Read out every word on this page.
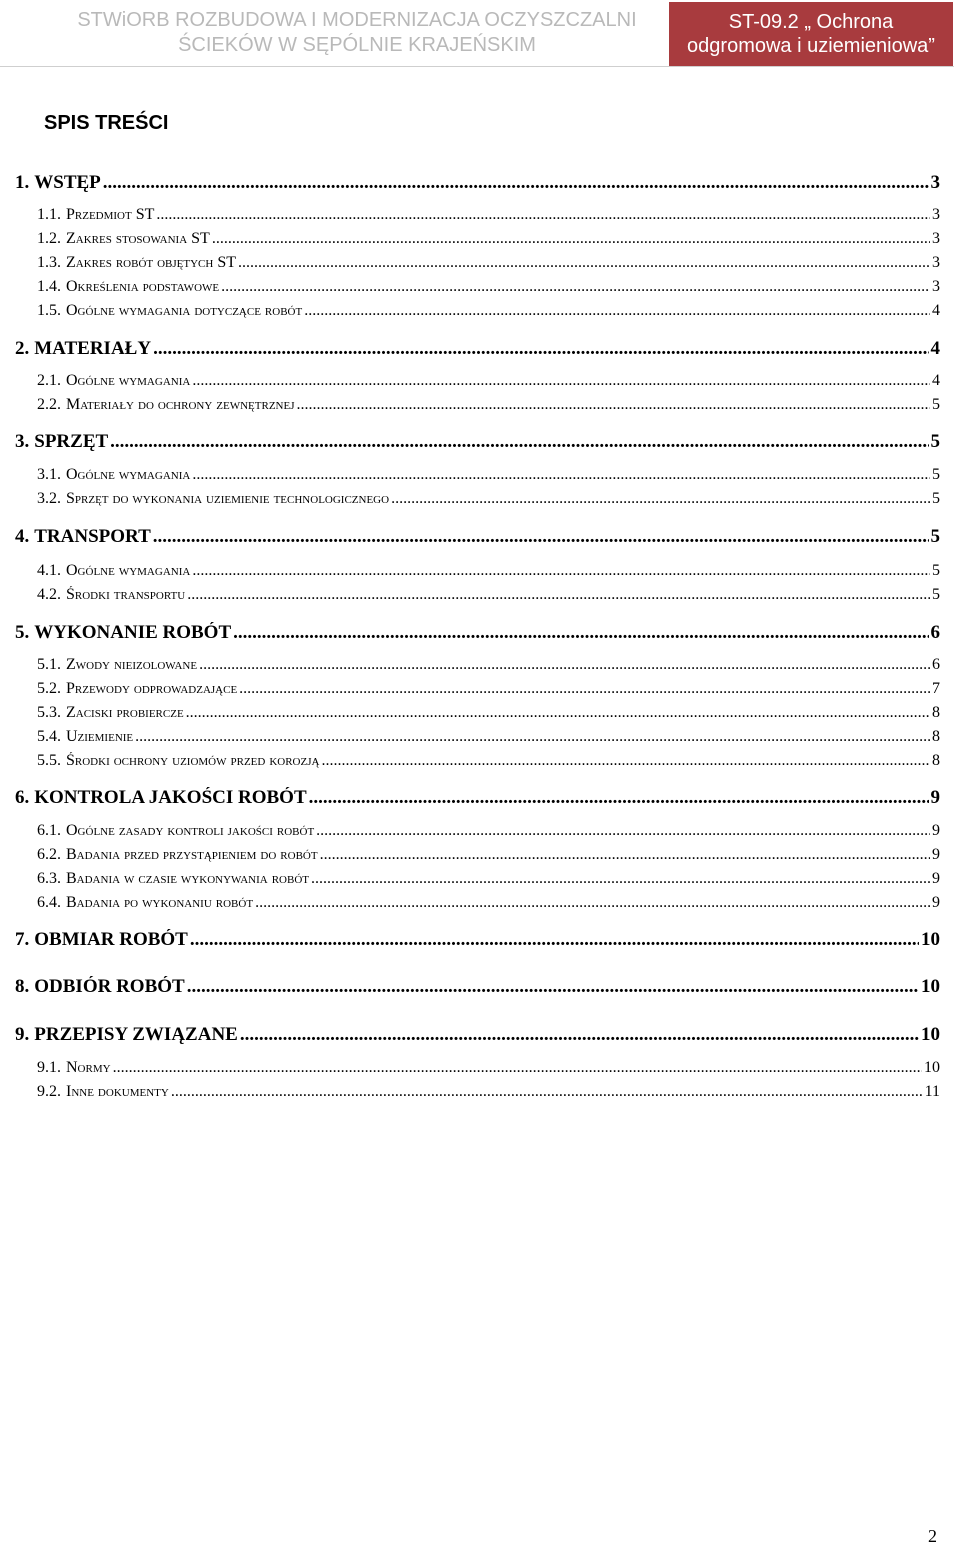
STWiORB ROZBUDOWA I MODERNIZACJA OCZYSZCZALNI
ŚCIEKÓW W SĘPÓLNIE KRAJEŃSKIM
ST-09.2 „ Ochrona
odgromowa i uziemieniowa”
SPIS TREŚCI
1. WSTĘP .....	3
1.1. Przedmiot ST .....	3
1.2. Zakres stosowania ST .....	3
1.3. Zakres robót objętych ST .....	3
1.4. Określenia podstawowe .....	3
1.5. Ogólne wymagania dotyczące robót .....	4
2. MATERIAŁY .....	4
2.1. Ogólne wymagania .....	4
2.2. Materiały do ochrony zewnętrznej .....	5
3. SPRZĘT .....	5
3.1. Ogólne wymagania .....	5
3.2. Sprzęt do wykonania uziemienie technologicznego .....	5
4. TRANSPORT .....	5
4.1. Ogólne wymagania .....	5
4.2. Środki transportu .....	5
5. WYKONANIE ROBÓT .....	6
5.1. Zwody nieizolowane .....	6
5.2. Przewody odprowadzające .....	7
5.3. Zaciski probiercze .....	8
5.4. Uziemienie .....	8
5.5. Środki ochrony uziomów przed korozją .....	8
6. KONTROLA JAKOŚCI ROBÓT .....	9
6.1. Ogólne zasady kontroli jakości robót .....	9
6.2. Badania przed przystąpieniem do robót .....	9
6.3. Badania w czasie wykonywania robót .....	9
6.4. Badania po wykonaniu robót .....	9
7. OBMIAR ROBÓT .....	10
8. ODBIÓR ROBÓT .....	10
9. PRZEPISY ZWIĄZANE .....	10
9.1. Normy .....	10
9.2. Inne dokumenty .....	11
2
